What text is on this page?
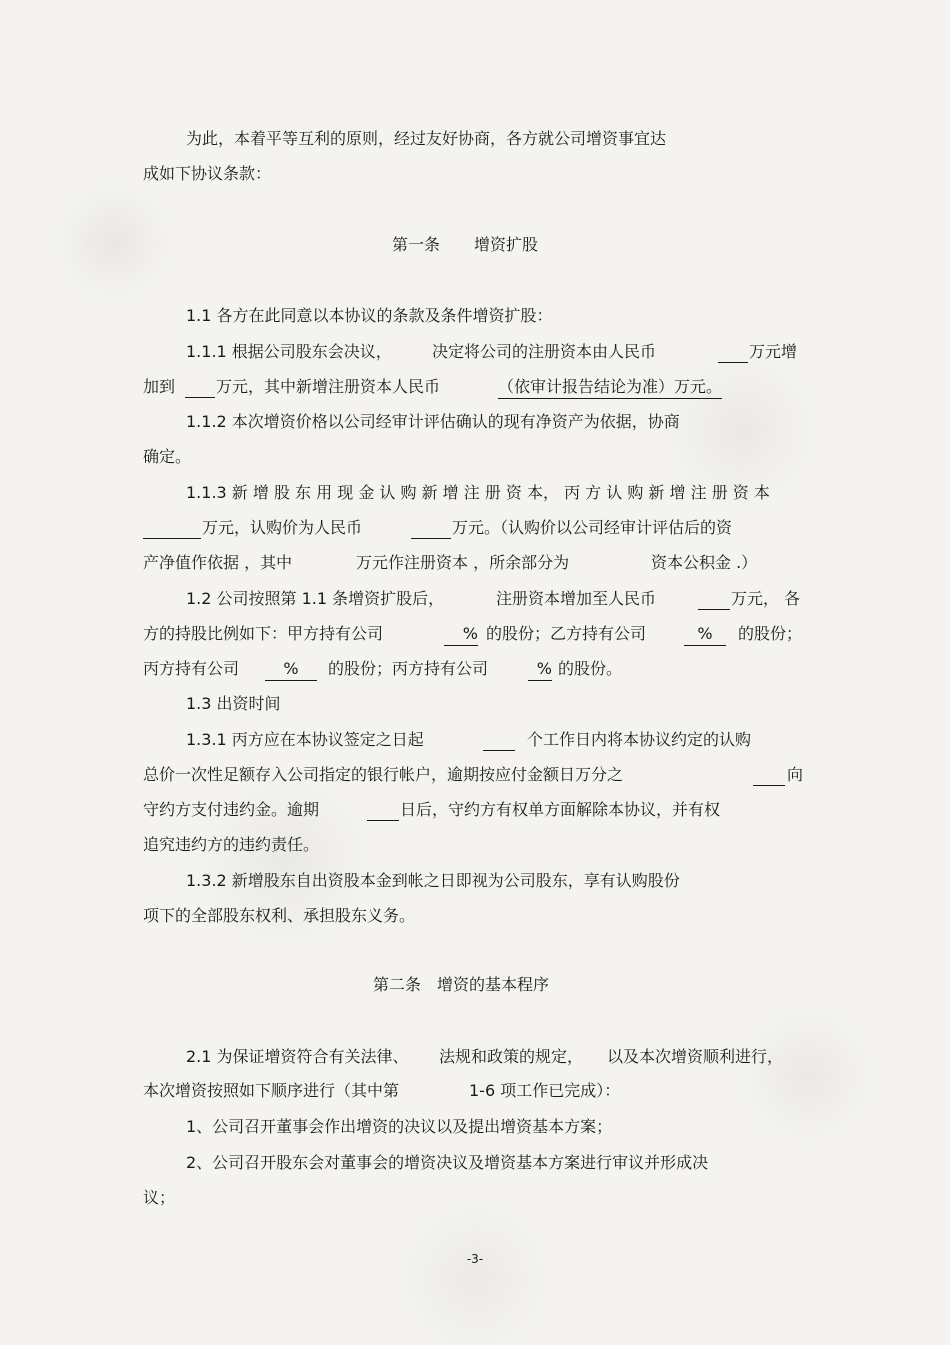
为此，本着平等互利的原则，经过友好协商，各方就公司增资事宜达
成如下协议条款：
第一条 增资扩股
1.1 各方在此同意以本协议的条款及条件增资扩股：
1.1.1 根据公司股东会决议，	决定将公司的注册资本由人民币	万元增
加到	万元，其中新增注册资本人民币	（依审计报告结论为准）万元。
1.1.2 本次增资价格以公司经审计评估确认的现有净资产为依据，协商
确定。
1.1.3 新 增 股 东 用 现 金 认 购 新 增 注 册 资 本， 丙 方 认 购 新 增 注 册 资 本
万元，认购价为人民币	万元。（认购价以公司经审计评估后的资
产净值作依据 ，其中	万元作注册资本 ，所余部分为	资本公积金 .）
1.2 公司按照第 1.1 条增资扩股后，	注册资本增加至人民币	万元， 各
方的持股比例如下：甲方持有公司	% 的股份；乙方持有公司	%	的股份；
丙方持有公司	%	的股份；丙方持有公司	% 的股份。
1.3 出资时间
1.3.1 丙方应在本协议签定之日起	个工作日内将本协议约定的认购
总价一次性足额存入公司指定的银行帐户，逾期按应付金额日万分之	向
守约方支付违约金。逾期	日后，守约方有权单方面解除本协议，并有权
追究违约方的违约责任。
1.3.2 新增股东自出资股本金到帐之日即视为公司股东，享有认购股份
项下的全部股东权利、承担股东义务。
第二条 增资的基本程序
2.1 为保证增资符合有关法律、 法规和政策的规定， 以及本次增资顺利进行，
本次增资按照如下顺序进行（其中第	1-6 项工作已完成）：
1、公司召开董事会作出增资的决议以及提出增资基本方案；
2、公司召开股东会对董事会的增资决议及增资基本方案进行审议并形成决
议；
-3-
